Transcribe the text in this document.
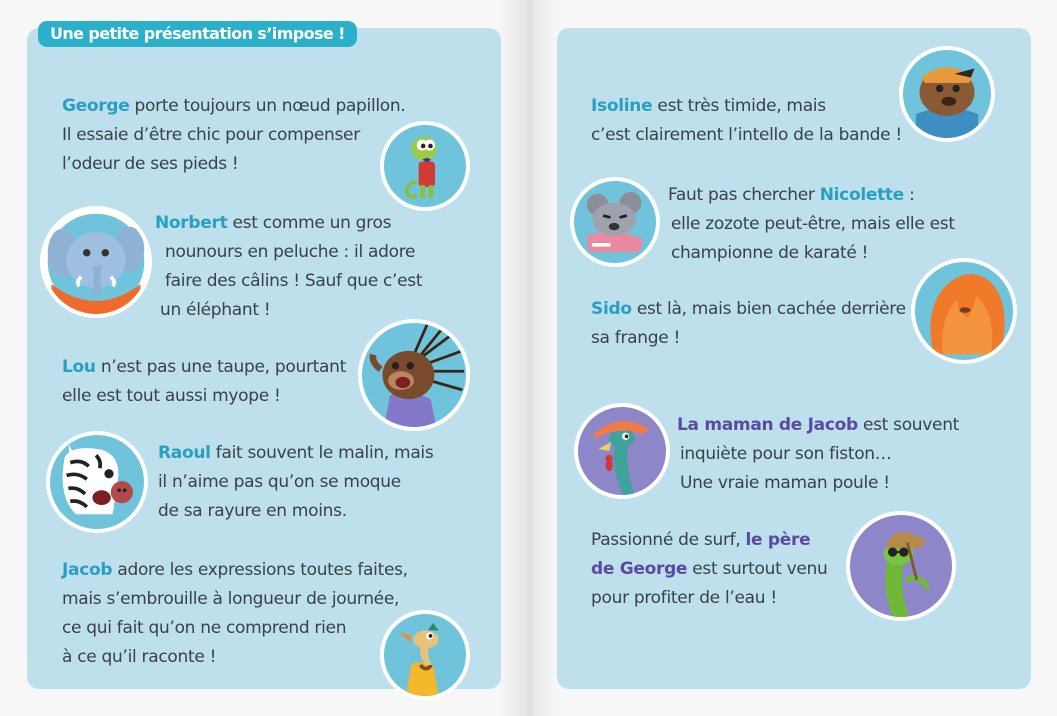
Une petite présentation s’impose !
George porte toujours un nœud papillon.
Il essaie d’être chic pour compenser
l’odeur de ses pieds !
Norbert est comme un gros
nounours en peluche : il adore
faire des câlins ! Sauf que c’est
un éléphant !
Lou n’est pas une taupe, pourtant
elle est tout aussi myope !
Raoul fait souvent le malin, mais
il n’aime pas qu’on se moque
de sa rayure en moins.
Jacob adore les expressions toutes faites,
mais s’embrouille à longueur de journée,
ce qui fait qu’on ne comprend rien
à ce qu’il raconte !
Isoline est très timide, mais
c’est clairement l’intello de la bande !
Faut pas chercher Nicolette :
elle zozote peut-être, mais elle est
championne de karaté !
Sido est là, mais bien cachée derrière
sa frange !
La maman de Jacob est souvent
inquiète pour son fiston…
Une vraie maman poule !
Passionné de surf, le père
de George est surtout venu
pour profiter de l’eau !
